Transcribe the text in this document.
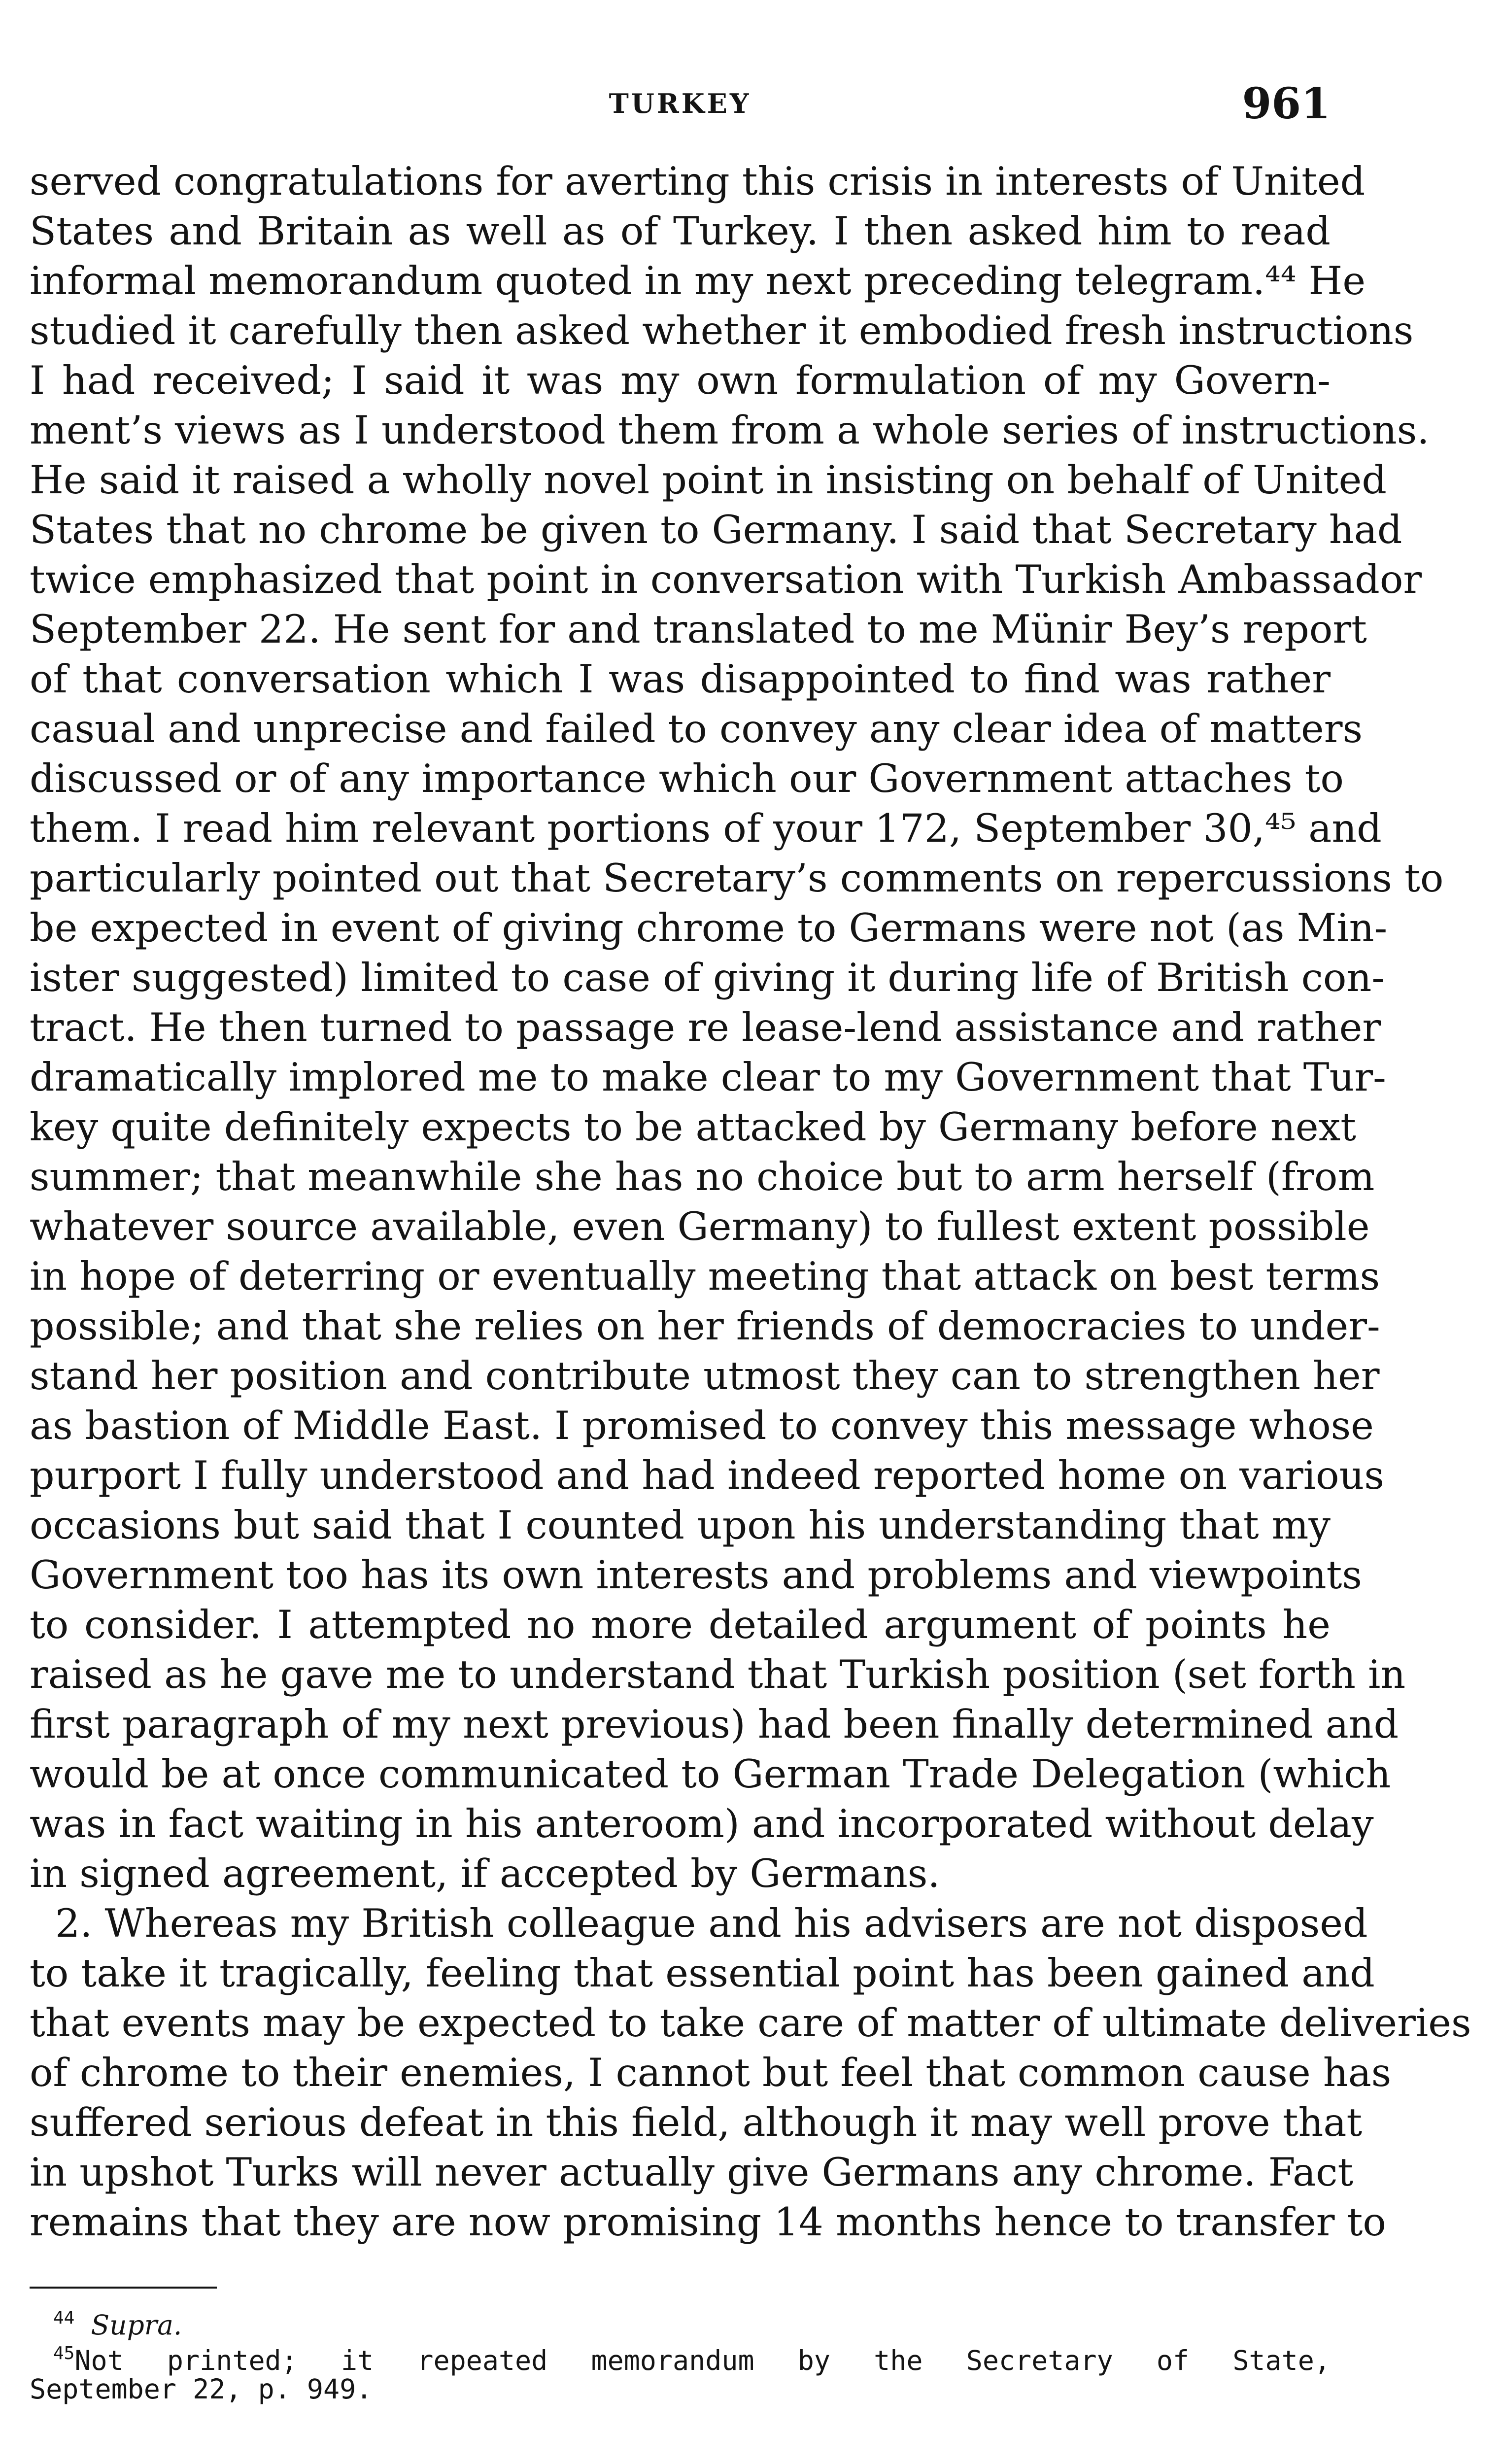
TURKEY	961
served congratulations for averting this crisis in interests of United
States and Britain as well as of Turkey. I then asked him to read
informal memorandum quoted in my next preceding telegram.⁴⁴ He
studied it carefully then asked whether it embodied fresh instructions
I had received; I said it was my own formulation of my Govern-
ment’s views as I understood them from a whole series of instructions.
He said it raised a wholly novel point in insisting on behalf of United
States that no chrome be given to Germany. I said that Secretary had
twice emphasized that point in conversation with Turkish Ambassador
September 22. He sent for and translated to me Münir Bey’s report
of that conversation which I was disappointed to find was rather
casual and unprecise and failed to convey any clear idea of matters
discussed or of any importance which our Government attaches to
them. I read him relevant portions of your 172, September 30,⁴⁵ and
particularly pointed out that Secretary’s comments on repercussions to
be expected in event of giving chrome to Germans were not (as Min-
ister suggested) limited to case of giving it during life of British con-
tract. He then turned to passage re lease-lend assistance and rather
dramatically implored me to make clear to my Government that Tur-
key quite definitely expects to be attacked by Germany before next
summer; that meanwhile she has no choice but to arm herself (from
whatever source available, even Germany) to fullest extent possible
in hope of deterring or eventually meeting that attack on best terms
possible; and that she relies on her friends of democracies to under-
stand her position and contribute utmost they can to strengthen her
as bastion of Middle East. I promised to convey this message whose
purport I fully understood and had indeed reported home on various
occasions but said that I counted upon his understanding that my
Government too has its own interests and problems and viewpoints
to consider. I attempted no more detailed argument of points he
raised as he gave me to understand that Turkish position (set forth in
first paragraph of my next previous) had been finally determined and
would be at once communicated to German Trade Delegation (which
was in fact waiting in his anteroom) and incorporated without delay
in signed agreement, if accepted by Germans.
2. Whereas my British colleague and his advisers are not disposed
to take it tragically, feeling that essential point has been gained and
that events may be expected to take care of matter of ultimate deliveries
of chrome to their enemies, I cannot but feel that common cause has
suffered serious defeat in this field, although it may well prove that
in upshot Turks will never actually give Germans any chrome. Fact
remains that they are now promising 14 months hence to transfer to
$^{44}$ Supra.
$^{45}$Not printed; it repeated memorandum by the Secretary of State,
September 22, p. 949.
